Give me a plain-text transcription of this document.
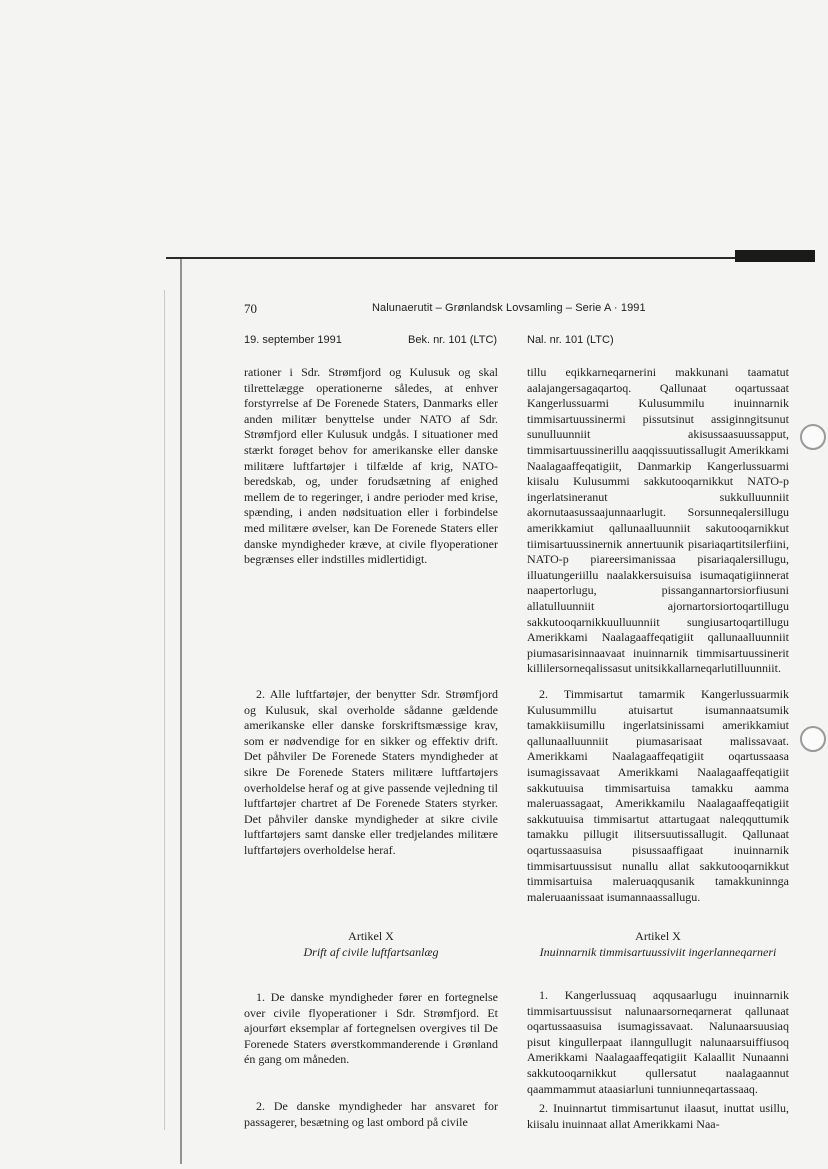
70	Nalunaerutit – Grønlandsk Lovsamling – Serie A · 1991
19. september 1991	Bek. nr. 101 (LTC)	Nal. nr. 101 (LTC)

rationer i Sdr. Strømfjord og Kulusuk og skal tilrettelægge operationerne således, at enhver forstyrrelse af De Forenede Staters, Danmarks eller anden militær benyttelse under NATO af Sdr. Strømfjord eller Kulusuk undgås. I situationer med stærkt forøget behov for amerikanske eller danske militære luftfartøjer i tilfælde af krig, NATO-beredskab, og, under forudsætning af enighed mellem de to regeringer, i andre perioder med krise, spænding, i anden nødsituation eller i forbindelse med militære øvelser, kan De Forenede Staters eller danske myndigheder kræve, at civile flyoperationer begrænses eller indstilles midlertidigt.

2. Alle luftfartøjer, der benytter Sdr. Strømfjord og Kulusuk, skal overholde sådanne gældende amerikanske eller danske forskriftsmæssige krav, som er nødvendige for en sikker og effektiv drift. Det påhviler De Forenede Staters myndigheder at sikre De Forenede Staters militære luftfartøjers overholdelse heraf og at give passende vejledning til luftfartøjer chartret af De Forenede Staters styrker. Det påhviler danske myndigheder at sikre civile luftfartøjers samt danske eller tredjelandes militære luftfartøjers overholdelse heraf.

Artikel X
Drift af civile luftfartsanlæg

1. De danske myndigheder fører en fortegnelse over civile flyoperationer i Sdr. Strømfjord. Et ajourført eksemplar af fortegnelsen overgives til De Forenede Staters øverstkommanderende i Grønland én gang om måneden.

2. De danske myndigheder har ansvaret for passagerer, besætning og last ombord på civile

tillu eqikkarneqarnerini makkunani taamatut aalajangersagaqartoq. Qallunaat oqartussaat Kangerlussuarmi Kulusummilu inuinnarnik timmisartuussinermi pissutsinut assiginngitsunut sunulluunniit akisussaasuussapput, timmisartuussinerillu aaqqissuutissallugit Amerikkami Naalagaaffeqatigiit, Danmarkip Kangerlussuarmi kiisalu Kulusummi sakkutooqarnikkut NATO-p ingerlatsineranut sukkulluunniit akornutaasussaajunnaarlugit. Sorsunneqalersillugu amerikkamiut qallunaalluunniit sakutooqarnikkut tiimisartuussinernik annertuunik pisariaqartitsilerfiini, NATO-p piareersimanissaa pisariaqalersillugu, illuatungeriillu naalakkersuisuisa isumaqatigiinnerat naapertorlugu, pissangannartorsiorfiusuni allatulluunniit ajornartorsiortoqartillugu sakkutooqarnikkuulluunniit sungiusartoqartillugu Amerikkami Naalagaaffeqatigiit qallunaalluunniit piumasarisinnaavaat inuinnarnik timmisartuussinerit killilersorneqalissasut unitsikkallarneqarlutilluunniit.

2. Timmisartut tamarmik Kangerlussuarmik Kulusummillu atuisartut isumannaatsumik tamakkiisumillu ingerlatsinissami amerikkamiut qallunaalluunniit piumasarisaat malissavaat. Amerikkami Naalagaaffeqatigiit oqartussaasa isumagissavaat Amerikkami Naalagaaffeqatigiit sakkutuuisa timmisartuisa tamakku aamma maleruassagaat, Amerikkamilu Naalagaaffeqatigiit sakkutuuisa timmisartut attartugaat naleqquttumik tamakku pillugit ilitsersuutissallugit. Qallunaat oqartussaasuisa pisussaaffigaat inuinnarnik timmisartuussisut nunallu allat sakkutooqarnikkut timmisartuisa maleruaqqusanik tamakkuninnga maleruaanissaat isumannaassallugu.

Artikel X
Inuinnarnik timmisartuussiviit ingerlanneqarneri

1. Kangerlussuaq aqqusaarlugu inuinnarnik timmisartuussisut nalunaarsorneqarnerat qallunaat oqartussaasuisa isumagissavaat. Nalunaarsuusiaq pisut kingullerpaat ilanngullugit nalunaarsuiffiusoq Amerikkami Naalagaaffeqatigiit Kalaallit Nunaanni sakkutooqarnikkut qullersatut naalagaannut qaammammut ataasiarluni tunniunneqartassaaq.

2. Inuinnartut timmisartunut ilaasut, inuttat usillu, kiisalu inuinnaat allat Amerikkami Naa-
